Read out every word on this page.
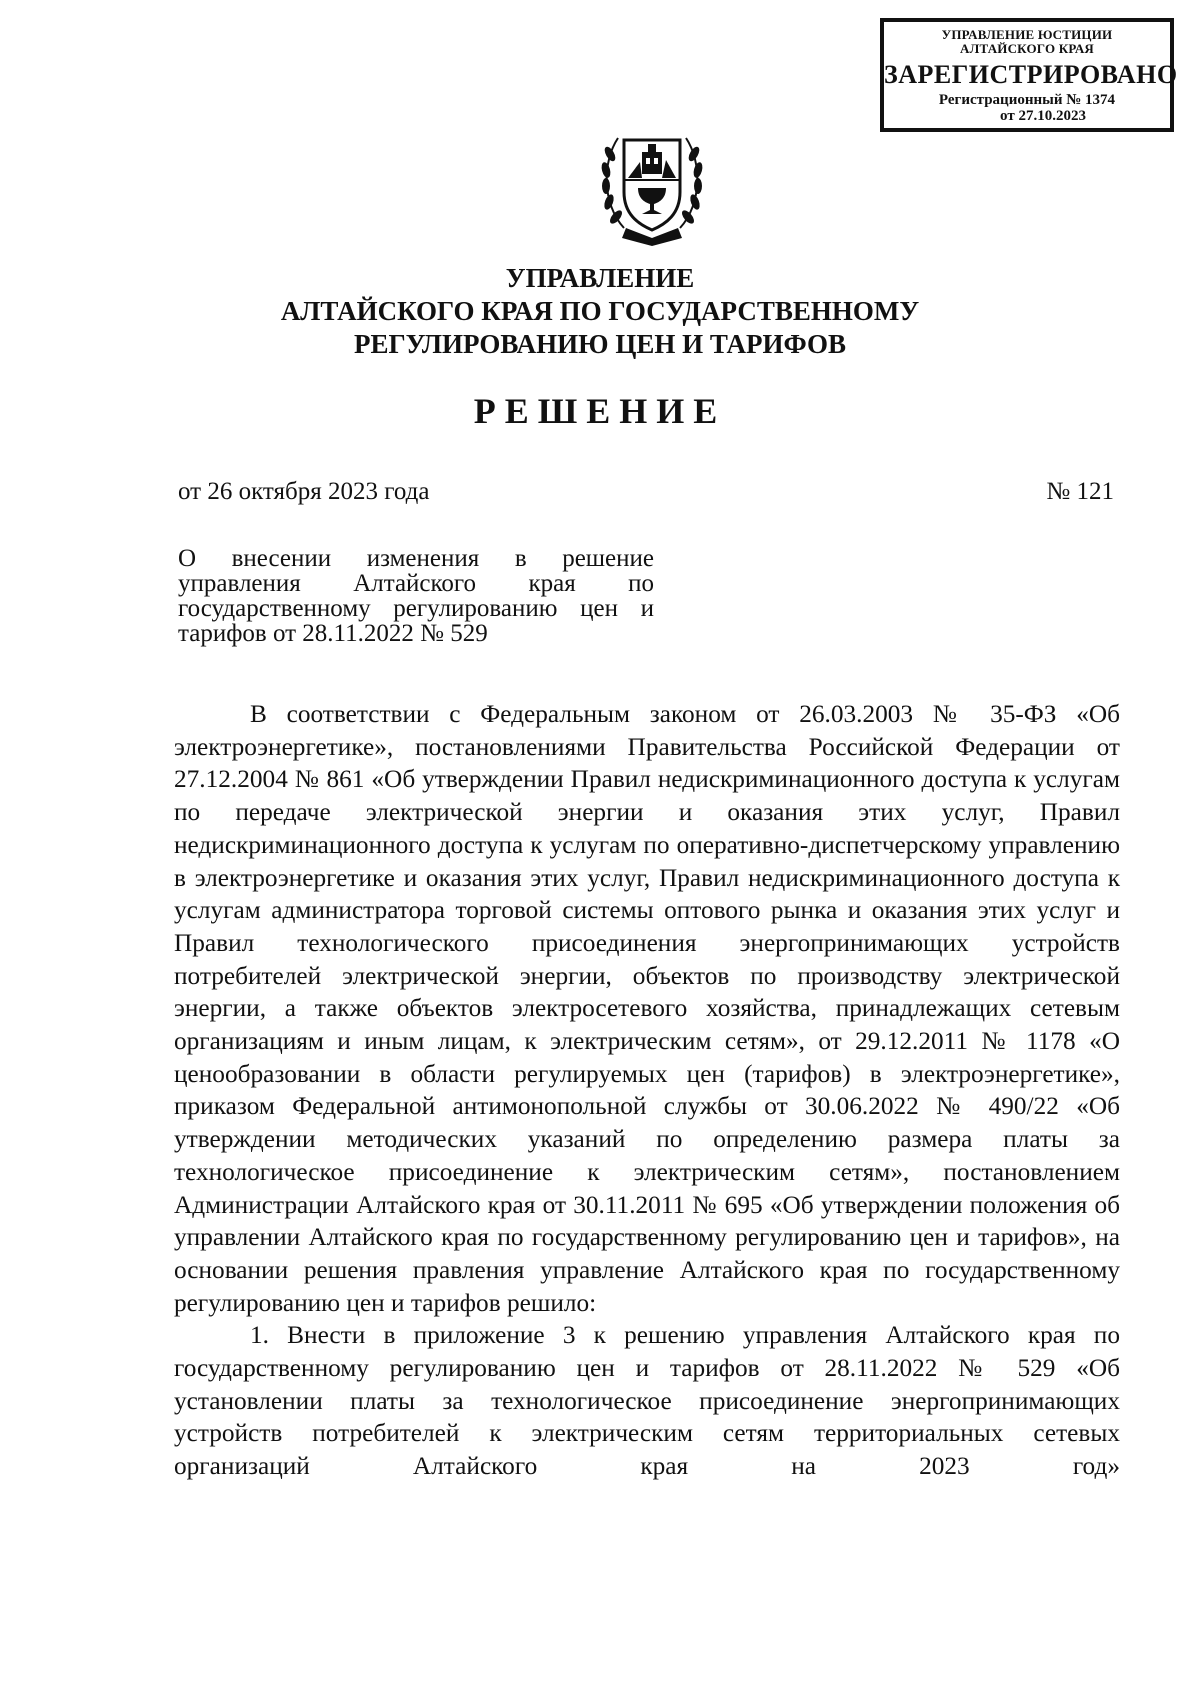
УПРАВЛЕНИЕ ЮСТИЦИИ
АЛТАЙСКОГО КРАЯ
ЗАРЕГИСТРИРОВАНО
Регистрационный № 1374
от 27.10.2023
УПРАВЛЕНИЕ
АЛТАЙСКОГО КРАЯ ПО ГОСУДАРСТВЕННОМУ
РЕГУЛИРОВАНИЮ ЦЕН И ТАРИФОВ
РЕШЕНИЕ
от 26 октября 2023 года	№ 121
О внесении изменения в решение управления Алтайского края по государственному регулированию цен и тарифов от 28.11.2022 № 529

В соответствии с Федеральным законом от 26.03.2003 № 35-ФЗ «Об электроэнергетике», постановлениями Правительства Российской Федерации от 27.12.2004 № 861 «Об утверждении Правил недискриминационного доступа к услугам по передаче электрической энергии и оказания этих услуг, Правил недискриминационного доступа к услугам по оперативно-диспетчерскому управлению в электроэнергетике и оказания этих услуг, Правил недискриминационного доступа к услугам администратора торговой системы оптового рынка и оказания этих услуг и Правил технологического присоединения энергопринимающих устройств потребителей электрической энергии, объектов по производству электрической энергии, а также объектов электросетевого хозяйства, принадлежащих сетевым организациям и иным лицам, к электрическим сетям», от 29.12.2011 № 1178 «О ценообразовании в области регулируемых цен (тарифов) в электроэнергетике», приказом Федеральной антимонопольной службы от 30.06.2022 № 490/22 «Об утверждении методических указаний по определению размера платы за технологическое присоединение к электрическим сетям», постановлением Администрации Алтайского края от 30.11.2011 № 695 «Об утверждении положения об управлении Алтайского края по государственному регулированию цен и тарифов», на основании решения правления управление Алтайского края по государственному регулированию цен и тарифов решило:

1. Внести в приложение 3 к решению управления Алтайского края по государственному регулированию цен и тарифов от 28.11.2022 № 529 «Об установлении платы за технологическое присоединение энергопринимающих устройств потребителей к электрическим сетям территориальных сетевых организаций Алтайского края на 2023 год»
